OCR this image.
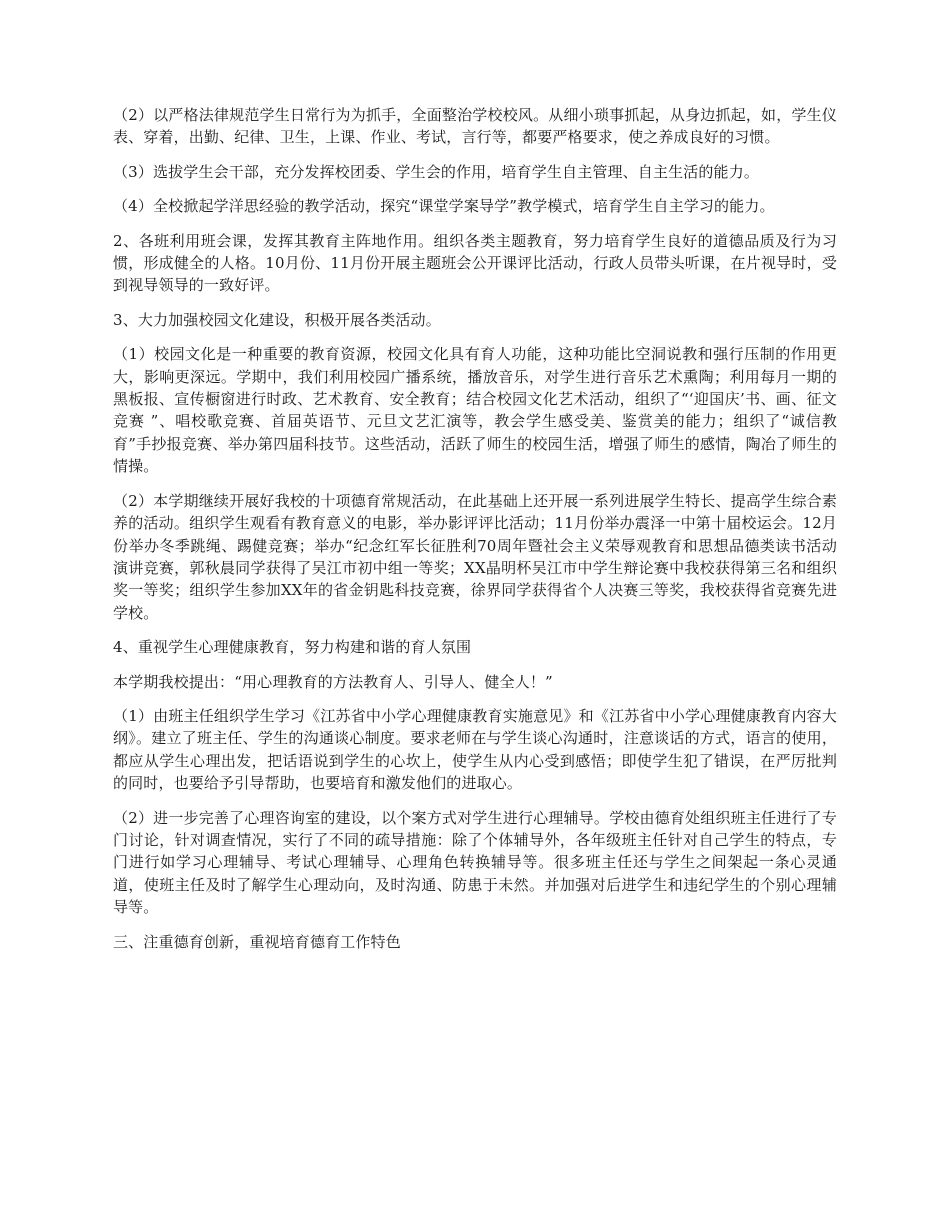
（2）以严格法律规范学生日常行为为抓手，全面整治学校校风。从细小琐事抓起，从身边抓起，如，学生仪表、穿着，出勤、纪律、卫生，上课、作业、考试，言行等，都要严格要求，使之养成良好的习惯。

（3）选拔学生会干部，充分发挥校团委、学生会的作用，培育学生自主管理、自主生活的能力。

（4）全校掀起学洋思经验的教学活动，探究“课堂学案导学”教学模式，培育学生自主学习的能力。

2、各班利用班会课，发挥其教育主阵地作用。组织各类主题教育，努力培育学生良好的道德品质及行为习惯，形成健全的人格。10月份、11月份开展主题班会公开课评比活动，行政人员带头听课，在片视导时，受到视导领导的一致好评。

3、大力加强校园文化建设，积极开展各类活动。

（1）校园文化是一种重要的教育资源，校园文化具有育人功能，这种功能比空洞说教和强行压制的作用更大，影响更深远。学期中，我们利用校园广播系统，播放音乐，对学生进行音乐艺术熏陶；利用每月一期的黑板报、宣传橱窗进行时政、艺术教育、安全教育；结合校园文化艺术活动，组织了“‘迎国庆’书、画、征文竞赛 ”、唱校歌竞赛、首届英语节、元旦文艺汇演等，教会学生感受美、鉴赏美的能力；组织了“诚信教育”手抄报竞赛、举办第四届科技节。这些活动，活跃了师生的校园生活，增强了师生的感情，陶冶了师生的情操。

（2）本学期继续开展好我校的十项德育常规活动，在此基础上还开展一系列进展学生特长、提高学生综合素养的活动。组织学生观看有教育意义的电影，举办影评评比活动；11月份举办震泽一中第十届校运会。12月份举办冬季跳绳、踢健竞赛；举办“纪念红军长征胜利70周年暨社会主义荣辱观教育和思想品德类读书活动演讲竞赛，郭秋晨同学获得了吴江市初中组一等奖；XX晶明杯吴江市中学生辩论赛中我校获得第三名和组织奖一等奖；组织学生参加XX年的省金钥匙科技竞赛，徐界同学获得省个人决赛三等奖，我校获得省竞赛先进学校。

4、重视学生心理健康教育，努力构建和谐的育人氛围

本学期我校提出：“用心理教育的方法教育人、引导人、健全人！”

（1）由班主任组织学生学习《江苏省中小学心理健康教育实施意见》和《江苏省中小学心理健康教育内容大纲》。建立了班主任、学生的沟通谈心制度。要求老师在与学生谈心沟通时，注意谈话的方式，语言的使用，都应从学生心理出发，把话语说到学生的心坎上，使学生从内心受到感悟；即使学生犯了错误，在严厉批判的同时，也要给予引导帮助，也要培育和激发他们的进取心。

（2）进一步完善了心理咨询室的建设，以个案方式对学生进行心理辅导。学校由德育处组织班主任进行了专门讨论，针对调查情况，实行了不同的疏导措施：除了个体辅导外，各年级班主任针对自己学生的特点，专门进行如学习心理辅导、考试心理辅导、心理角色转换辅导等。很多班主任还与学生之间架起一条心灵通道，使班主任及时了解学生心理动向，及时沟通、防患于未然。并加强对后进学生和违纪学生的个别心理辅导等。

三、注重德育创新，重视培育德育工作特色
